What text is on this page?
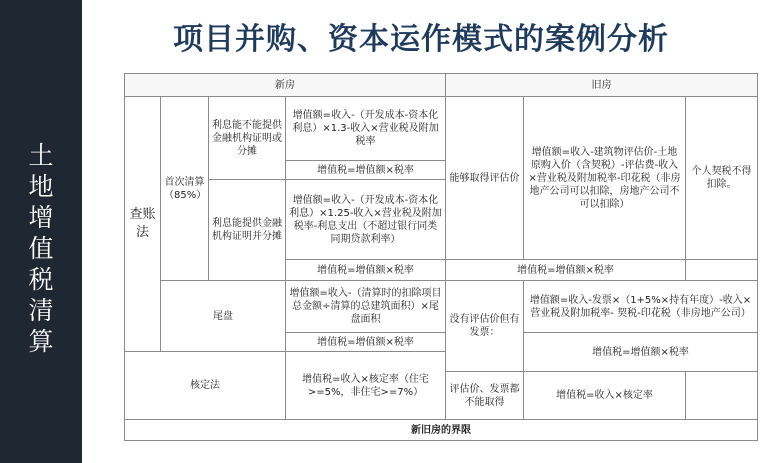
土
地
增
值
税
清
算
项目并购、资本运作模式的案例分析
新房				旧房		
查账法	首次清算（85%）	利息能不能提供金融机构证明或分摊	增值额=收入-（开发成本-资本化利息）×1.3-收入×营业税及附加税率	能够取得评估价	增值额=收入-建筑物评估价-土地原购入价（含契税）-评估费-收入×营业税及附加税率-印花税（非房地产公司可以扣除，房地产公司不可以扣除）	个人契税不得扣除。
			增值税=增值额×税率			
		利息能提供金融机构证明并分摊	增值额=收入-（开发成本-资本化利息）×1.25-收入×营业税及附加税率-利息支出（不超过银行同类同期贷款利率）			
			增值税=增值额×税率	增值税=增值额×税率		
	尾盘		增值额=收入-（清算时的扣除项目总金额÷清算的总建筑面积）×尾盘面积	没有评估价但有发票：	增值额=收入-发票×（1+5%×持有年度）-收入×营业税及附加税率- 契税-印花税（非房地产公司）	
			增值税=增值额×税率		增值税=增值额×税率	
核定法			增值税=收入×核定率（住宅>=5%，非住宅>=7%）			
				评估价、发票都不能取得	增值税=收入×核定率	
新旧房的界限						
